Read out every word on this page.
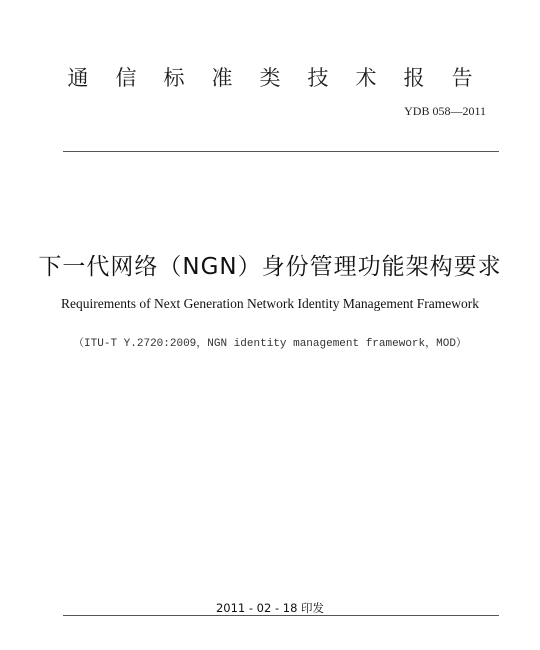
通信标准类技术报告
YDB 058—2011
下一代网络（NGN）身份管理功能架构要求
Requirements of Next Generation Network Identity Management Framework
（ITU-T Y.2720:2009，NGN identity management framework，MOD）
2011 - 02 - 18 印发
